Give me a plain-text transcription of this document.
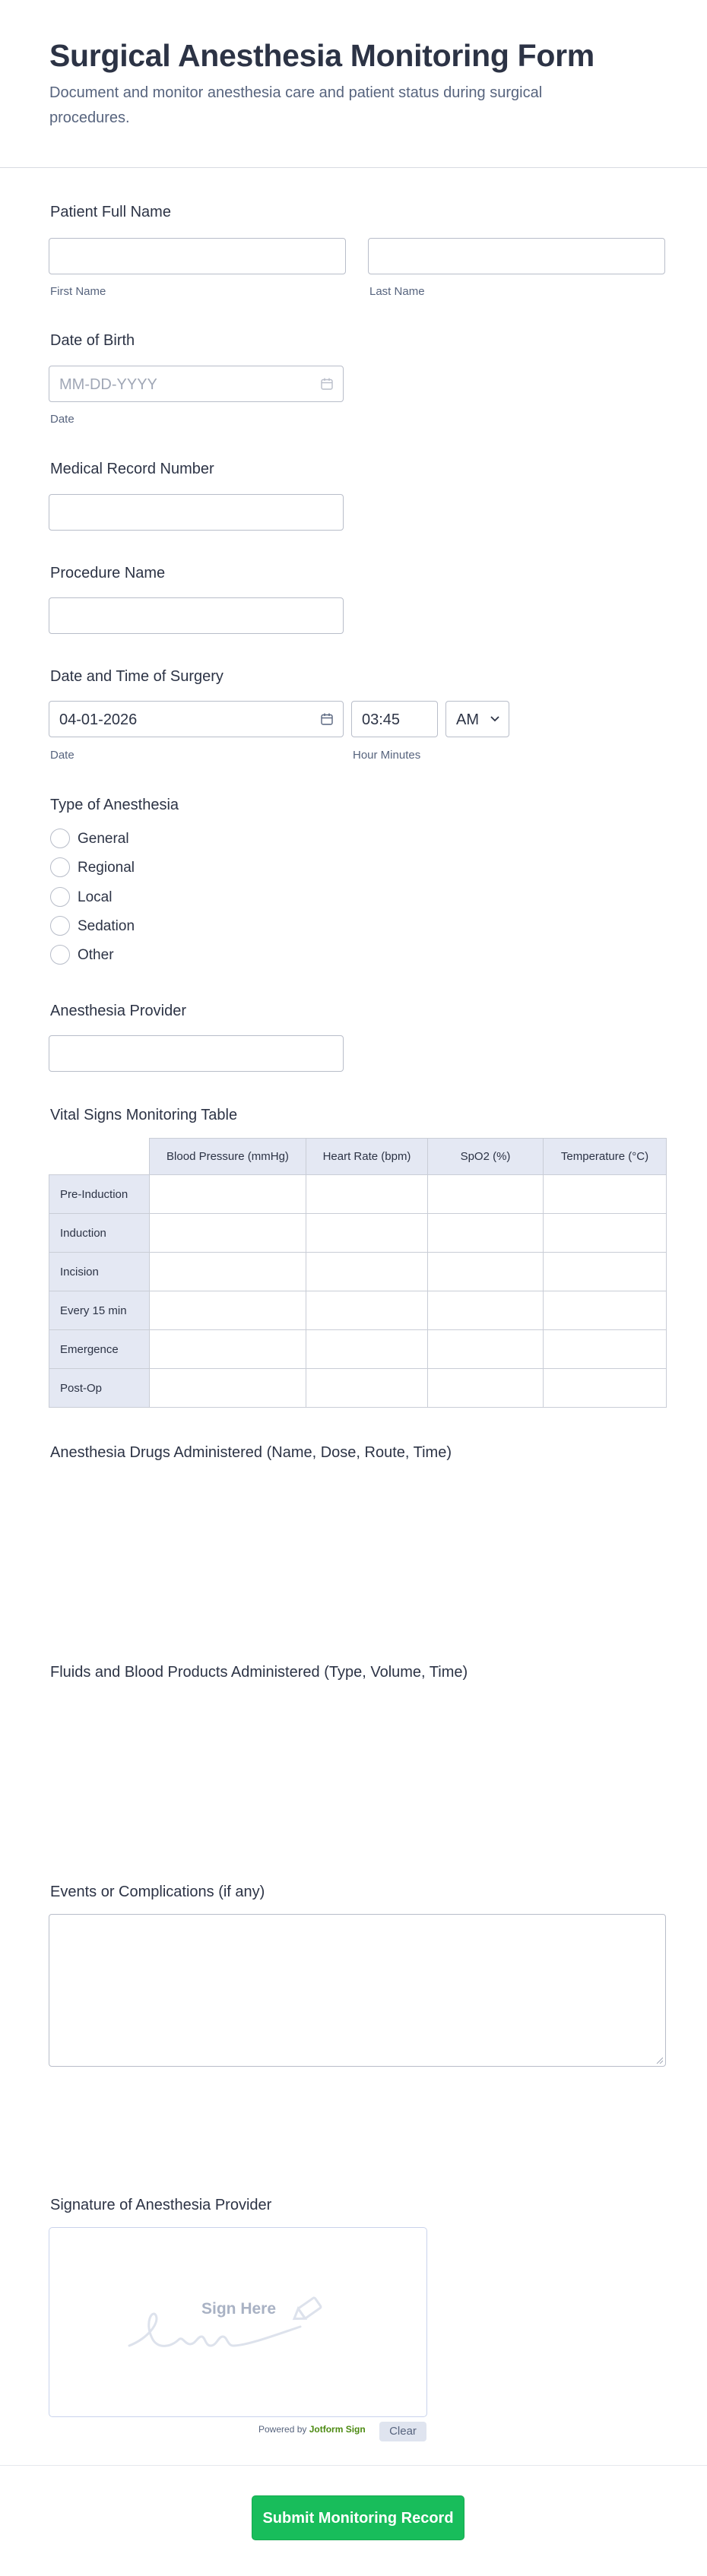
Surgical Anesthesia Monitoring Form
Document and monitor anesthesia care and patient status during surgical procedures.
Patient Full Name
First Name	Last Name
Date of Birth
MM-DD-YYYY
Date
Medical Record Number
Procedure Name
Date and Time of Surgery
04-01-2026	03:45	AM
Date	Hour Minutes
Type of Anesthesia
General
Regional
Local
Sedation
Other
Anesthesia Provider
Vital Signs Monitoring Table
	Blood Pressure (mmHg)	Heart Rate (bpm)	SpO2 (%)	Temperature (°C)
Pre-Induction				
Induction				
Incision				
Every 15 min				
Emergence				
Post-Op				
Anesthesia Drugs Administered (Name, Dose, Route, Time)
Fluids and Blood Products Administered (Type, Volume, Time)
Events or Complications (if any)
Signature of Anesthesia Provider
Sign Here
Powered by Jotform Sign	Clear
Submit Monitoring Record
